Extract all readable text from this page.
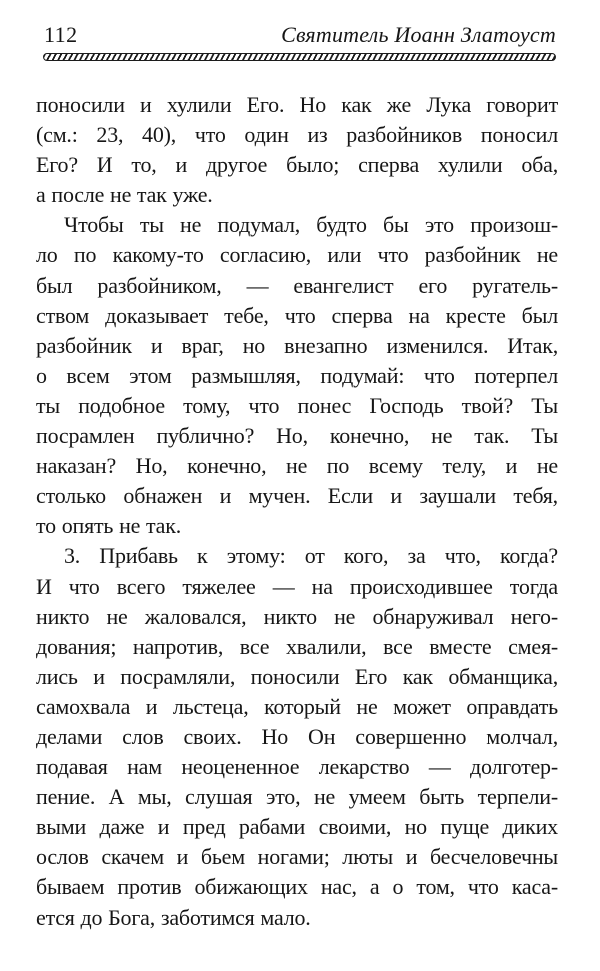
112	Святитель Иоанн Златоуст
поносили и хулили Его. Но как же Лука говорит
(см.: 23, 40), что один из разбойников поносил
Его? И то, и другое было; сперва хулили оба,
а после не так уже.
Чтобы ты не подумал, будто бы это произош-
ло по какому-то согласию, или что разбойник не
был разбойником, — евангелист его ругатель-
ством доказывает тебе, что сперва на кресте был
разбойник и враг, но внезапно изменился. Итак,
о всем этом размышляя, подумай: что потерпел
ты подобное тому, что понес Господь твой? Ты
посрамлен публично? Но, конечно, не так. Ты
наказан? Но, конечно, не по всему телу, и не
столько обнажен и мучен. Если и заушали тебя,
то опять не так.
3. Прибавь к этому: от кого, за что, когда?
И что всего тяжелее — на происходившее тогда
никто не жаловался, никто не обнаруживал него-
дования; напротив, все хвалили, все вместе смея-
лись и посрамляли, поносили Его как обманщика,
самохвала и льстеца, который не может оправдать
делами слов своих. Но Он совершенно молчал,
подавая нам неоцененное лекарство — долготер-
пение. А мы, слушая это, не умеем быть терпели-
выми даже и пред рабами своими, но пуще диких
ослов скачем и бьем ногами; люты и бесчеловечны
бываем против обижающих нас, а о том, что каса-
ется до Бога, заботимся мало.
